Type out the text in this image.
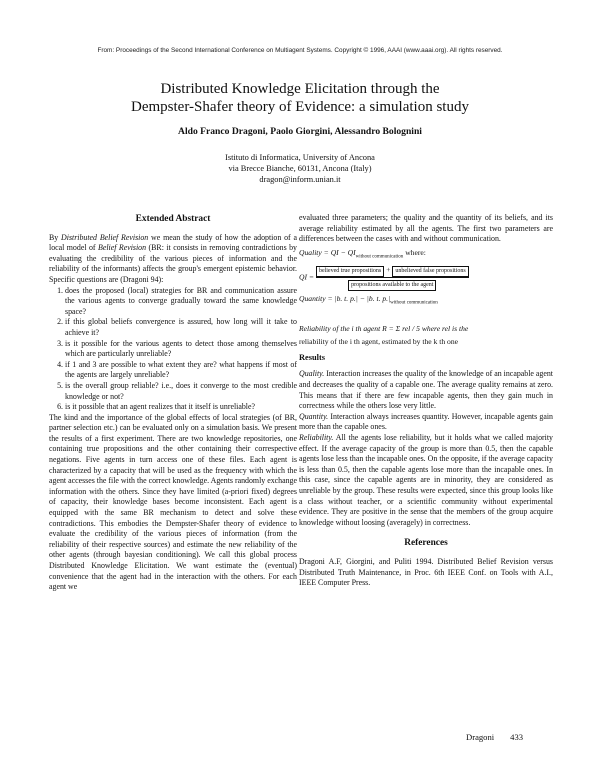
From: Proceedings of the Second International Conference on Multiagent Systems. Copyright © 1996, AAAI (www.aaai.org). All rights reserved.
Distributed Knowledge Elicitation through the
Dempster-Shafer theory of Evidence: a simulation study
Aldo Franco Dragoni, Paolo Giorgini, Alessandro Bolognini
Istituto di Informatica, University of Ancona
via Brecce Bianche, 60131, Ancona (Italy)
dragon@inform.unian.it
Extended Abstract

By Distributed Belief Revision we mean the study of how the adoption of a local model of Belief Revision (BR: it consists in removing contradictions by evaluating the credibility of the various pieces of information and the reliability of the informants) affects the group's emergent epistemic behavior. Specific questions are (Dragoni 94):

1. does the proposed (local) strategies for BR and communication assure the various agents to converge gradually toward the same knowledge space?
2. if this global beliefs convergence is assured, how long will it take to achieve it?
3. is it possible for the various agents to detect those among themselves which are particularly unreliable?
4. if 1 and 3 are possible to what extent they are? what happens if most of the agents are largely unreliable?
5. is the overall group reliable? i.e., does it converge to the most credible knowledge or not?
6. is it possible that an agent realizes that it itself is unreliable?

The kind and the importance of the global effects of local strategies (of BR, partner selection etc.) can be evaluated only on a simulation basis. We present the results of a first experiment. There are two knowledge repositories, one containing true propositions and the other containing their correspective negations. Five agents in turn access one of these files. Each agent is characterized by a capacity that will be used as the frequency with which the agent accesses the file with the correct knowledge. Agents randomly exchange information with the others. Since they have limited (a-priori fixed) degrees of capacity, their knowledge bases become inconsistent. Each agent is equipped with the same BR mechanism to detect and solve these contradictions. This embodies the Dempster-Shafer theory of evidence to evaluate the credibility of the various pieces of information (from the reliability of their respective sources) and estimate the new reliability of the other agents (through bayesian conditioning). We call this global process Distributed Knowledge Elicitation. We want estimate the (eventual) convenience that the agent had in the interaction with the others. For each agent we

evaluated three parameters; the quality and the quantity of its beliefs, and its average reliability estimated by all the agents. The first two parameters are differences between the cases with and without communication.

Quality = QI − $QI_{without communication}$ where:
QI =
believed true propositions + unbelieved false propositions
propositions available to the agent
Quantity = |b. t. p.| − |b. t. $p.|_{without communication}$
Reliability of the i th agent R = Σ rel / 5 where rel is the
reliability of the i th agent, estimated by the k th one
Results

Quality. Interaction increases the quality of the knowledge of an incapable agent and decreases the quality of a capable one. The average quality remains at zero. This means that if there are few incapable agents, then they gain much in correctness while the others lose very little.

Quantity. Interaction always increases quantity. However, incapable agents gain more than the capable ones.

Reliability. All the agents lose reliability, but it holds what we called majority effect. If the average capacity of the group is more than 0.5, then the capable agents lose less than the incapable ones. On the opposite, if the average capacity is less than 0.5, then the capable agents lose more than the incapable ones. In this case, since the capable agents are in minority, they are considered as unreliable by the group. These results were expected, since this group looks like a class without teacher, or a scientific community without experimental evidence. They are positive in the sense that the members of the group acquire knowledge without loosing (averagely) in correctness.

References

Dragoni A.F, Giorgini, and Puliti 1994. Distributed Belief Revision versus Distributed Truth Maintenance, in Proc. 6th IEEE Conf. on Tools with A.I., IEEE Computer Press.

Dragoni 433
